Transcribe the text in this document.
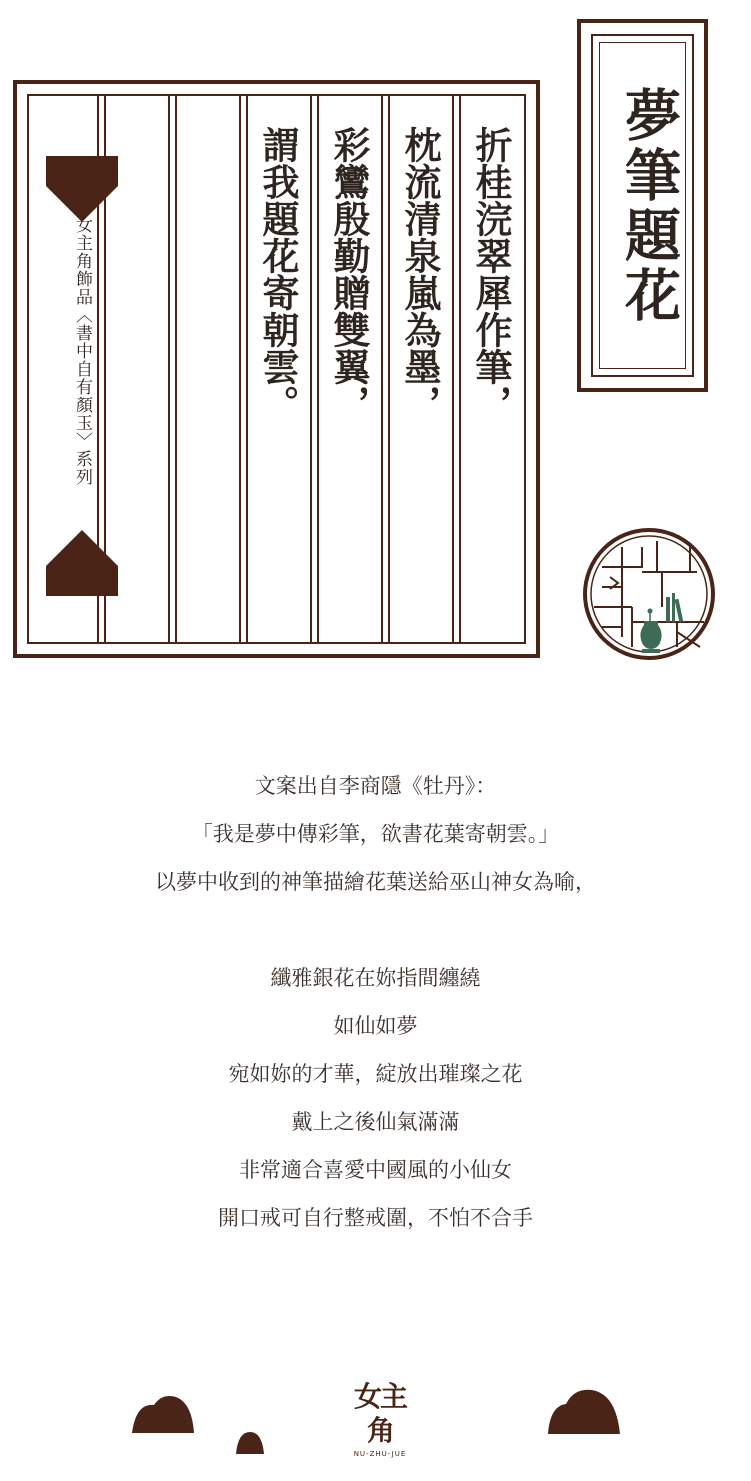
折桂浣翠犀作筆，
枕流清泉嵐為墨，
彩鸞殷勤贈雙翼，
謂我題花寄朝雲。
女主角飾品〈書中自有顏玉〉系列
夢筆題花
文案出自李商隱《牡丹》：
「我是夢中傳彩筆，欲書花葉寄朝雲。」
以夢中收到的神筆描繪花葉送給巫山神女為喻，
纖雅銀花在妳指間纏繞
如仙如夢
宛如妳的才華，綻放出璀璨之花
戴上之後仙氣滿滿
非常適合喜愛中國風的小仙女
開口戒可自行整戒圍，不怕不合手
女主角
NU-ZHU-JUE
